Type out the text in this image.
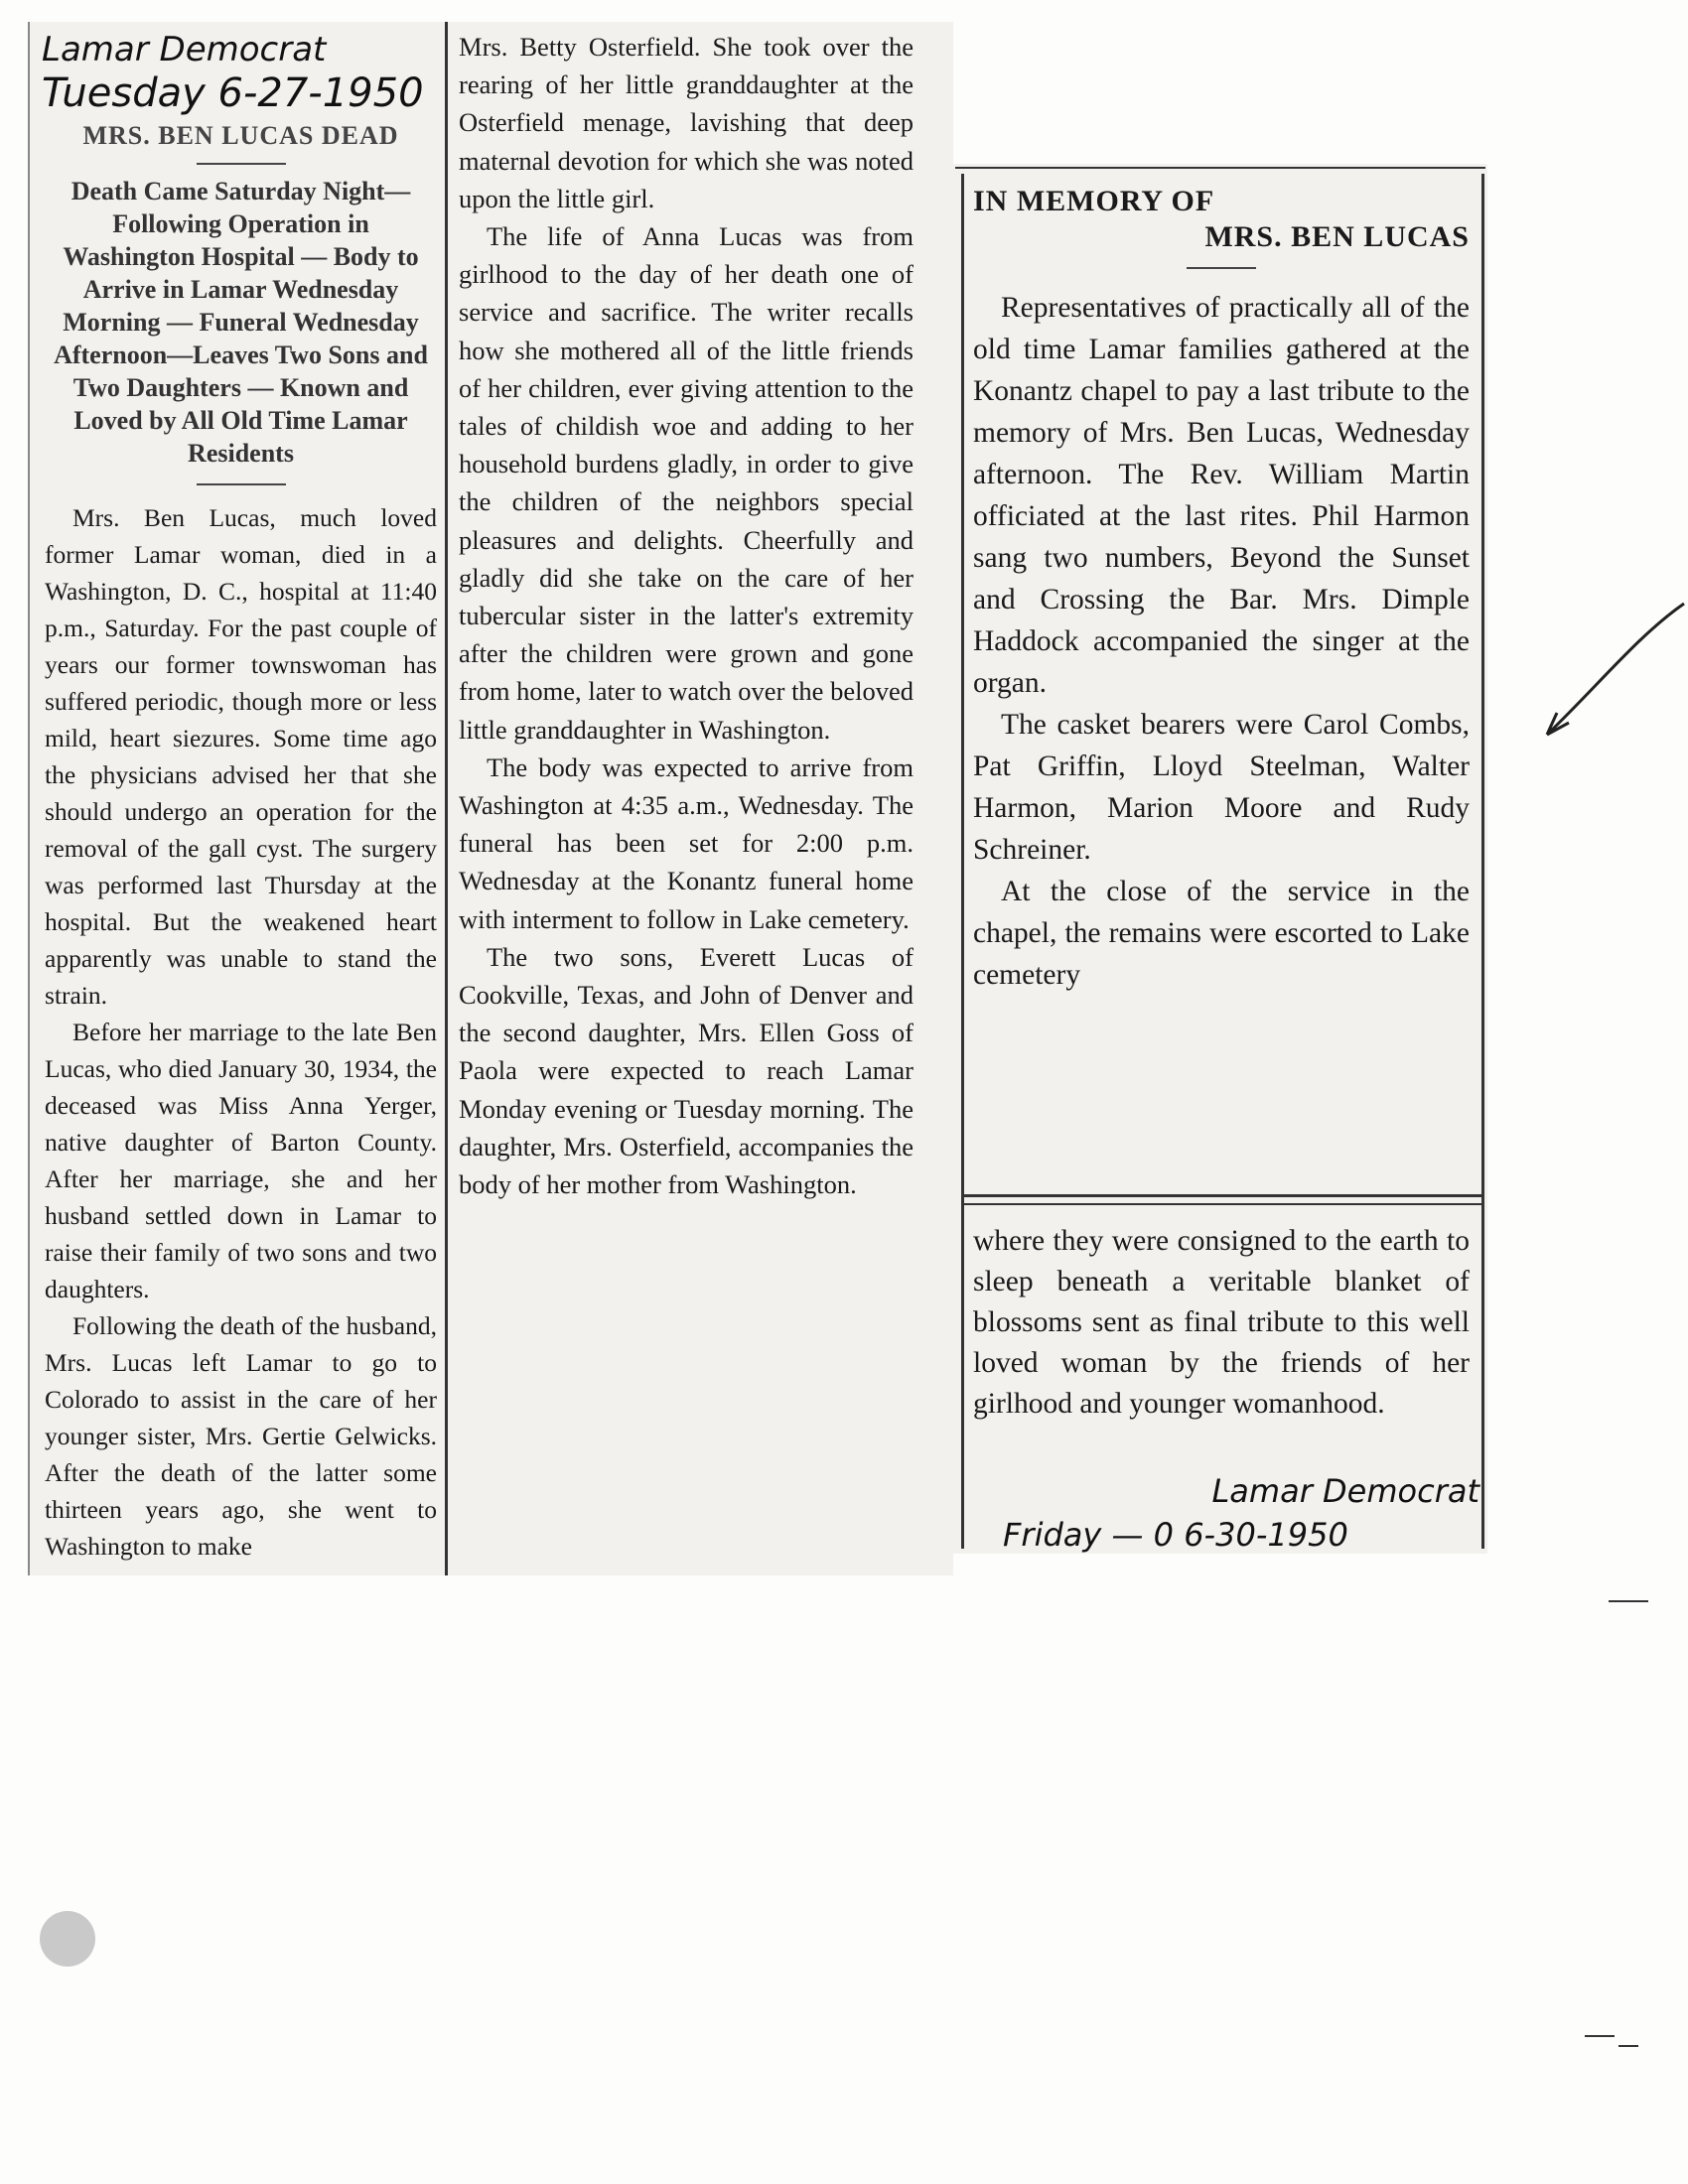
Lamar Democrat
Tuesday 6-27-1950
MRS. BEN LUCAS DEAD
Death Came Saturday Night—Following Operation in Washington Hospital — Body to Arrive in Lamar Wednesday Morning — Funeral Wednesday Afternoon—Leaves Two Sons and Two Daughters — Known and Loved by All Old Time Lamar Residents

Mrs. Ben Lucas, much loved former Lamar woman, died in a Washington, D. C., hospital at 11:40 p.m., Saturday. For the past couple of years our former townswoman has suffered periodic, though more or less mild, heart siezures. Some time ago the physicians advised her that she should undergo an operation for the removal of the gall cyst. The surgery was performed last Thursday at the hospital. But the weakened heart apparently was unable to stand the strain.

Before her marriage to the late Ben Lucas, who died January 30, 1934, the deceased was Miss Anna Yerger, native daughter of Barton County. After her marriage, she and her husband settled down in Lamar to raise their family of two sons and two daughters.

Following the death of the husband, Mrs. Lucas left Lamar to go to Colorado to assist in the care of her younger sister, Mrs. Gertie Gelwicks. After the death of the latter some thirteen years ago, she went to Washington to make

Mrs. Betty Osterfield. She took over the rearing of her little granddaughter at the Osterfield menage, lavishing that deep maternal devotion for which she was noted upon the little girl.

The life of Anna Lucas was from girlhood to the day of her death one of service and sacrifice. The writer recalls how she mothered all of the little friends of her children, ever giving attention to the tales of childish woe and adding to her household burdens gladly, in order to give the children of the neighbors special pleasures and delights. Cheerfully and gladly did she take on the care of her tubercular sister in the latter's extremity after the children were grown and gone from home, later to watch over the beloved little granddaughter in Washington.

The body was expected to arrive from Washington at 4:35 a.m., Wednesday. The funeral has been set for 2:00 p.m. Wednesday at the Konantz funeral home with interment to follow in Lake cemetery.

The two sons, Everett Lucas of Cookville, Texas, and John of Denver and the second daughter, Mrs. Ellen Goss of Paola were expected to reach Lamar Monday evening or Tuesday morning. The daughter, Mrs. Osterfield, accompanies the body of her mother from Washington.

IN MEMORY OF
MRS. BEN LUCAS

Representatives of practically all of the old time Lamar families gathered at the Konantz chapel to pay a last tribute to the memory of Mrs. Ben Lucas, Wednesday afternoon. The Rev. William Martin officiated at the last rites. Phil Harmon sang two numbers, Beyond the Sunset and Crossing the Bar. Mrs. Dimple Haddock accompanied the singer at the organ.

The casket bearers were Carol Combs, Pat Griffin, Lloyd Steelman, Walter Harmon, Marion Moore and Rudy Schreiner.

At the close of the service in the chapel, the remains were escorted to Lake cemetery

where they were consigned to the earth to sleep beneath a veritable blanket of blossoms sent as final tribute to this well loved woman by the friends of her girlhood and younger womanhood.

Lamar Democrat
Friday — 0 6-30-1950
